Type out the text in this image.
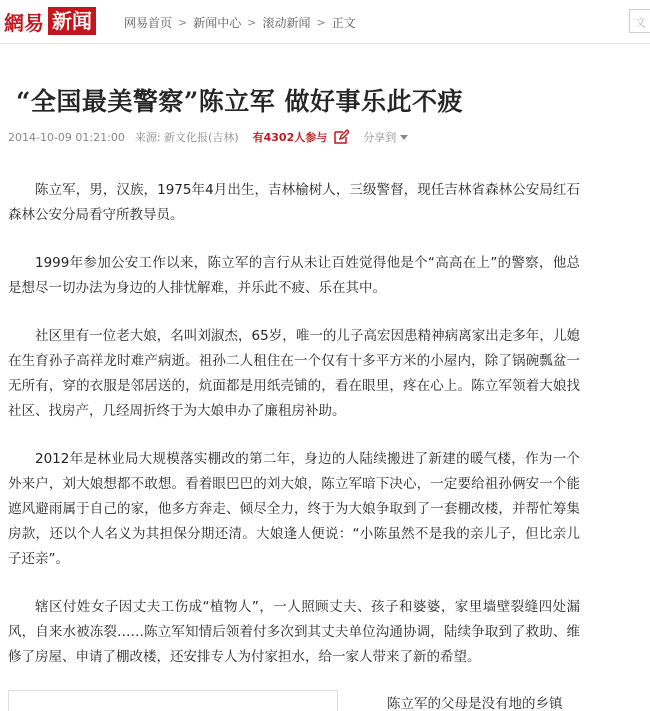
網易 新闻	网易首页 > 新闻中心 > 滚动新闻 > 正文	文
“全国最美警察”陈立军 做好事乐此不疲
2014-10-09 01:21:00 来源: 新文化报(吉林) 有4302人参与	分享到

陈立军，男，汉族，1975年4月出生，吉林榆树人，三级警督，现任吉林省森林公安局红石森林公安分局看守所教导员。

1999年参加公安工作以来，陈立军的言行从未让百姓觉得他是个“高高在上”的警察，他总是想尽一切办法为身边的人排忧解难，并乐此不疲、乐在其中。

社区里有一位老大娘，名叫刘淑杰，65岁，唯一的儿子高宏因患精神病离家出走多年，儿媳在生育孙子高祥龙时难产病逝。祖孙二人租住在一个仅有十多平方米的小屋内，除了锅碗瓢盆一无所有，穿的衣服是邻居送的，炕面都是用纸壳铺的，看在眼里，疼在心上。陈立军领着大娘找社区、找房产，几经周折终于为大娘申办了廉租房补助。

2012年是林业局大规模落实棚改的第二年，身边的人陆续搬进了新建的暖气楼，作为一个外来户，刘大娘想都不敢想。看着眼巴巴的刘大娘，陈立军暗下决心，一定要给祖孙俩安一个能遮风避雨属于自己的家，他多方奔走、倾尽全力，终于为大娘争取到了一套棚改楼，并帮忙筹集房款，还以个人名义为其担保分期还清。大娘逢人便说：“小陈虽然不是我的亲儿子，但比亲儿子还亲”。

辖区付姓女子因丈夫工伤成“植物人”，一人照顾丈夫、孩子和婆婆，家里墙壁裂缝四处漏风，自来水被冻裂……陈立军知情后领着付多次到其丈夫单位沟通协调，陆续争取到了救助、维修了房屋、申请了棚改楼，还安排专人为付家担水，给一家人带来了新的希望。

陈立军的父母是没有地的乡镇
